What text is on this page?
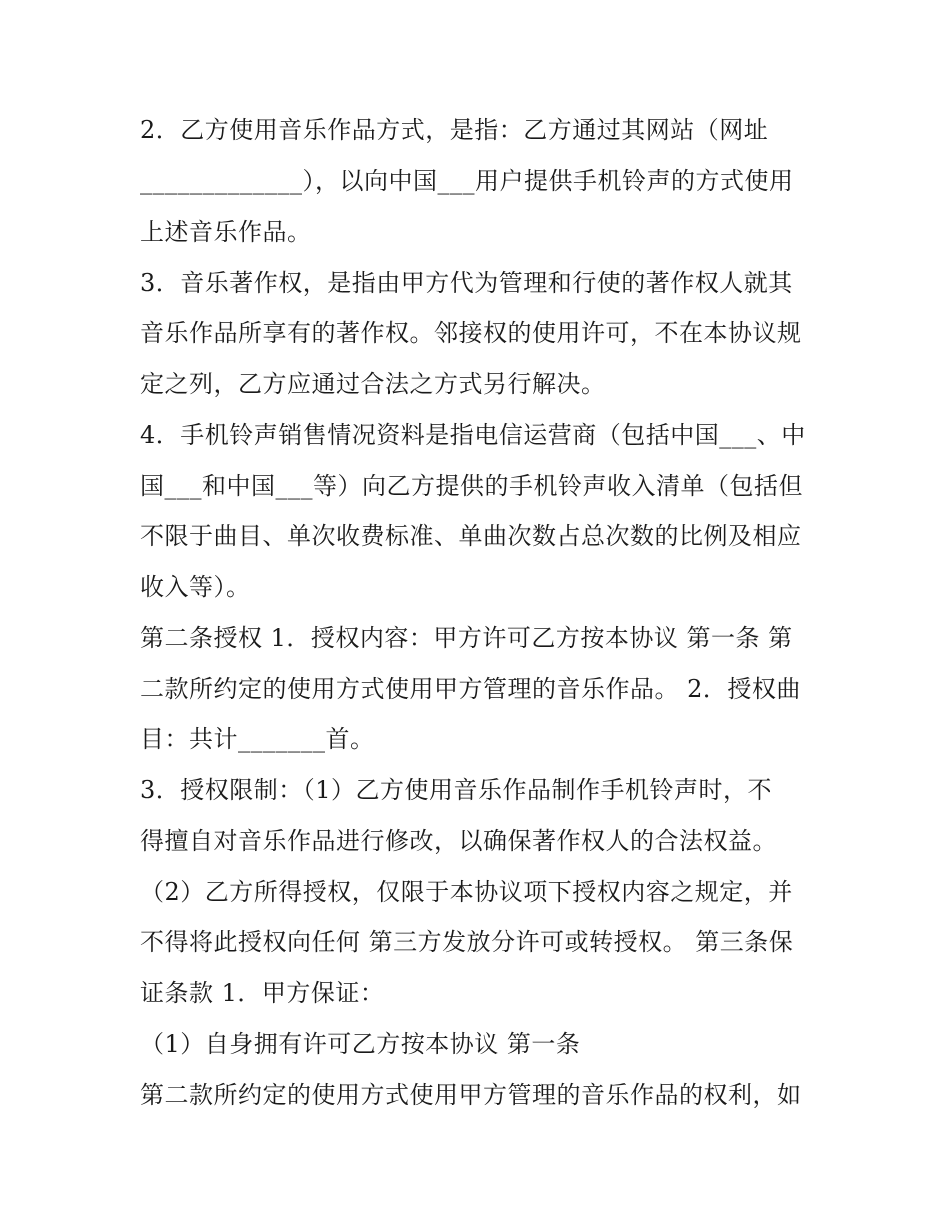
2．乙方使用音乐作品方式，是指：乙方通过其网站（网址
_____________），以向中国___用户提供手机铃声的方式使用
上述音乐作品。
3．音乐著作权，是指由甲方代为管理和行使的著作权人就其
音乐作品所享有的著作权。邻接权的使用许可，不在本协议规
定之列，乙方应通过合法之方式另行解决。
4．手机铃声销售情况资料是指电信运营商（包括中国___、中
国___和中国___等）向乙方提供的手机铃声收入清单（包括但
不限于曲目、单次收费标准、单曲次数占总次数的比例及相应
收入等）。
第二条授权 1．授权内容：甲方许可乙方按本协议 第一条 第
二款所约定的使用方式使用甲方管理的音乐作品。 2．授权曲
目：共计_______首。
3．授权限制：（1）乙方使用音乐作品制作手机铃声时，不
得擅自对音乐作品进行修改，以确保著作权人的合法权益。
（2）乙方所得授权，仅限于本协议项下授权内容之规定，并
不得将此授权向任何 第三方发放分许可或转授权。 第三条保
证条款 1．甲方保证：
（1）自身拥有许可乙方按本协议 第一条
第二款所约定的使用方式使用甲方管理的音乐作品的权利，如
